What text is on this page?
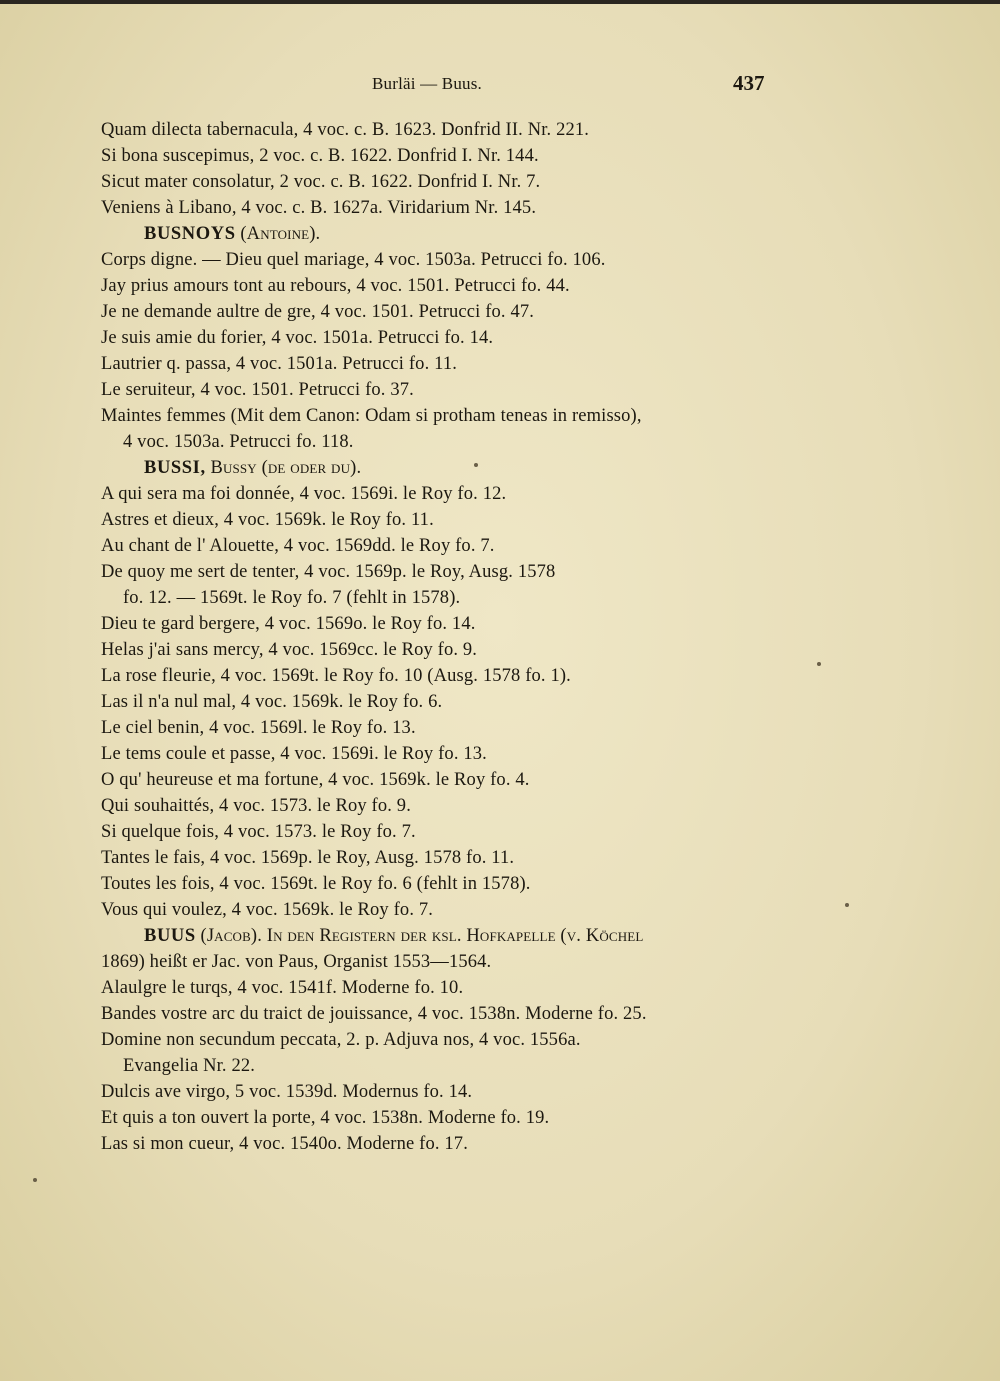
Burläi — Buus.	437
Quam dilecta tabernacula, 4 voc. c. B. 1623. Donfrid II. Nr. 221.
Si bona suscepimus, 2 voc. c. B. 1622. Donfrid I. Nr. 144.
Sicut mater consolatur, 2 voc. c. B. 1622. Donfrid I. Nr. 7.
Veniens à Libano, 4 voc. c. B. 1627a. Viridarium Nr. 145.
BUSNOYS (Antoine).
Corps digne. — Dieu quel mariage, 4 voc. 1503a. Petrucci fo. 106.
Jay prius amours tont au rebours, 4 voc. 1501. Petrucci fo. 44.
Je ne demande aultre de gre, 4 voc. 1501. Petrucci fo. 47.
Je suis amie du forier, 4 voc. 1501a. Petrucci fo. 14.
Lautrier q. passa, 4 voc. 1501a. Petrucci fo. 11.
Le seruiteur, 4 voc. 1501. Petrucci fo. 37.
Maintes femmes (Mit dem Canon: Odam si protham teneas in remisso),
4 voc. 1503a. Petrucci fo. 118.
BUSSI, Bussy (de oder du).
A qui sera ma foi donnée, 4 voc. 1569i. le Roy fo. 12.
Astres et dieux, 4 voc. 1569k. le Roy fo. 11.
Au chant de l' Alouette, 4 voc. 1569dd. le Roy fo. 7.
De quoy me sert de tenter, 4 voc. 1569p. le Roy, Ausg. 1578
fo. 12. — 1569t. le Roy fo. 7 (fehlt in 1578).
Dieu te gard bergere, 4 voc. 1569o. le Roy fo. 14.
Helas j'ai sans mercy, 4 voc. 1569cc. le Roy fo. 9.
La rose fleurie, 4 voc. 1569t. le Roy fo. 10 (Ausg. 1578 fo. 1).
Las il n'a nul mal, 4 voc. 1569k. le Roy fo. 6.
Le ciel benin, 4 voc. 1569l. le Roy fo. 13.
Le tems coule et passe, 4 voc. 1569i. le Roy fo. 13.
O qu' heureuse et ma fortune, 4 voc. 1569k. le Roy fo. 4.
Qui souhaittés, 4 voc. 1573. le Roy fo. 9.
Si quelque fois, 4 voc. 1573. le Roy fo. 7.
Tantes le fais, 4 voc. 1569p. le Roy, Ausg. 1578 fo. 11.
Toutes les fois, 4 voc. 1569t. le Roy fo. 6 (fehlt in 1578).
Vous qui voulez, 4 voc. 1569k. le Roy fo. 7.
BUUS (Jacob). In den Registern der ksl. Hofkapelle (v. Köchel
1869) heißt er Jac. von Paus, Organist 1553—1564.
Alaulgre le turqs, 4 voc. 1541f. Moderne fo. 10.
Bandes vostre arc du traict de jouissance, 4 voc. 1538n. Moderne fo. 25.
Domine non secundum peccata, 2. p. Adjuva nos, 4 voc. 1556a.
Evangelia Nr. 22.
Dulcis ave virgo, 5 voc. 1539d. Modernus fo. 14.
Et quis a ton ouvert la porte, 4 voc. 1538n. Moderne fo. 19.
Las si mon cueur, 4 voc. 1540o. Moderne fo. 17.
